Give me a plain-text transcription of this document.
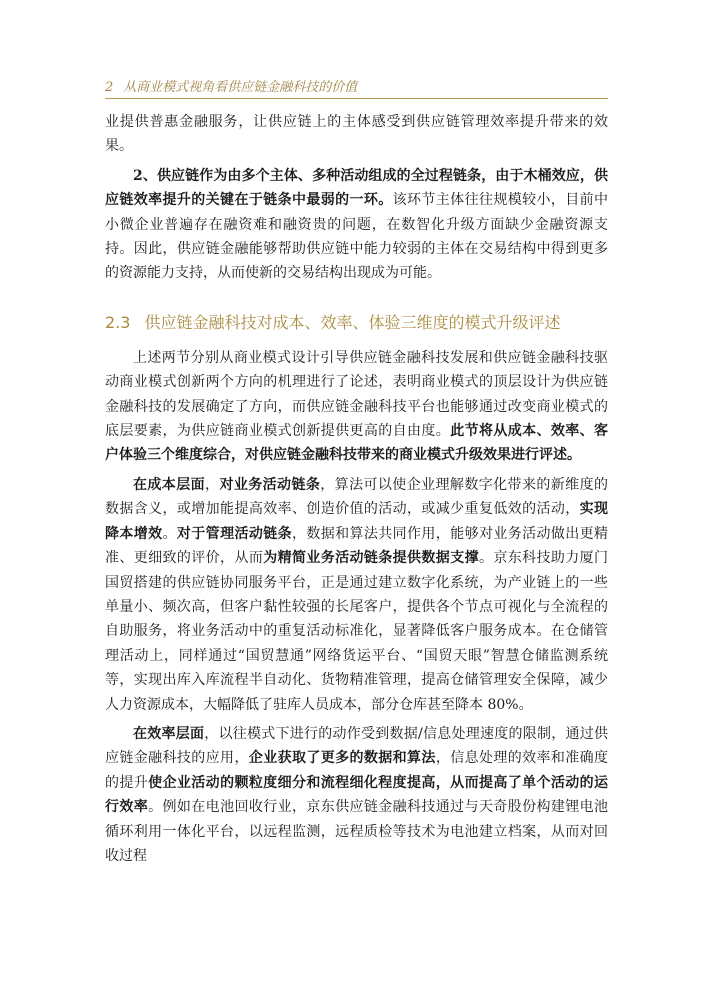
2 从商业模式视角看供应链金融科技的价值

业提供普惠金融服务，让供应链上的主体感受到供应链管理效率提升带来的效果。

2、供应链作为由多个主体、多种活动组成的全过程链条，由于木桶效应，供应链效率提升的关键在于链条中最弱的一环。该环节主体往往规模较小，目前中小微企业普遍存在融资难和融资贵的问题，在数智化升级方面缺少金融资源支持。因此，供应链金融能够帮助供应链中能力较弱的主体在交易结构中得到更多的资源能力支持，从而使新的交易结构出现成为可能。

2.3 供应链金融科技对成本、效率、体验三维度的模式升级评述

上述两节分别从商业模式设计引导供应链金融科技发展和供应链金融科技驱动商业模式创新两个方向的机理进行了论述，表明商业模式的顶层设计为供应链金融科技的发展确定了方向，而供应链金融科技平台也能够通过改变商业模式的底层要素，为供应链商业模式创新提供更高的自由度。此节将从成本、效率、客户体验三个维度综合，对供应链金融科技带来的商业模式升级效果进行评述。

在成本层面，对业务活动链条，算法可以使企业理解数字化带来的新维度的数据含义，或增加能提高效率、创造价值的活动，或减少重复低效的活动，实现降本增效。对于管理活动链条，数据和算法共同作用，能够对业务活动做出更精准、更细致的评价，从而为精简业务活动链条提供数据支撑。京东科技助力厦门国贸搭建的供应链协同服务平台，正是通过建立数字化系统，为产业链上的一些单量小、频次高，但客户黏性较强的长尾客户，提供各个节点可视化与全流程的自助服务，将业务活动中的重复活动标准化，显著降低客户服务成本。在仓储管理活动上，同样通过“国贸慧通”网络货运平台、“国贸天眼”智慧仓储监测系统等，实现出库入库流程半自动化、货物精准管理，提高仓储管理安全保障，减少人力资源成本，大幅降低了驻库人员成本，部分仓库甚至降本 80%。

在效率层面，以往模式下进行的动作受到数据/信息处理速度的限制，通过供应链金融科技的应用，企业获取了更多的数据和算法，信息处理的效率和准确度的提升使企业活动的颗粒度细分和流程细化程度提高，从而提高了单个活动的运行效率。例如在电池回收行业，京东供应链金融科技通过与天奇股份构建锂电池循环利用一体化平台，以远程监测，远程质检等技术为电池建立档案，从而对回收过程
